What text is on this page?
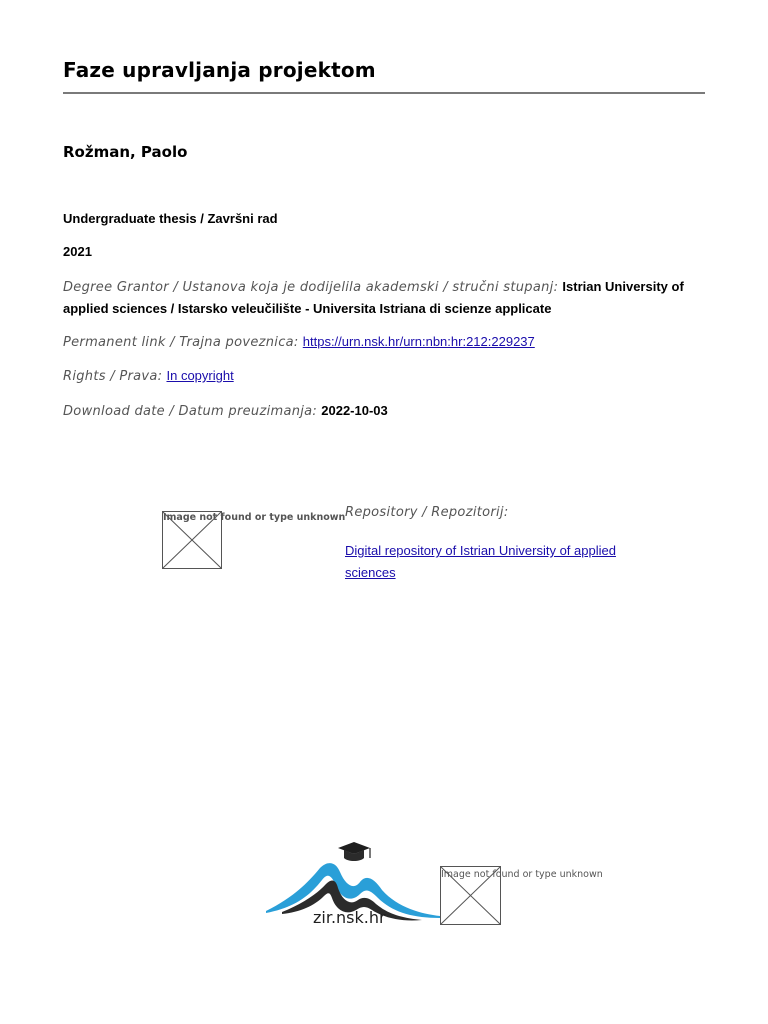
Faze upravljanja projektom
Rožman, Paolo
Undergraduate thesis / Završni rad
2021
Degree Grantor / Ustanova koja je dodijelila akademski / stručni stupanj: Istrian University of applied sciences / Istarsko veleučilište - Universita Istriana di scienze applicate
Permanent link / Trajna poveznica: https://urn.nsk.hr/urn:nbn:hr:212:229237
Rights / Prava: In copyright
Download date / Datum preuzimanja: 2022-10-03
Image not found or type unknown Repository / Repozitorij:
Digital repository of Istrian University of applied sciences
zir.nsk.hr
Image not found or type unknown
